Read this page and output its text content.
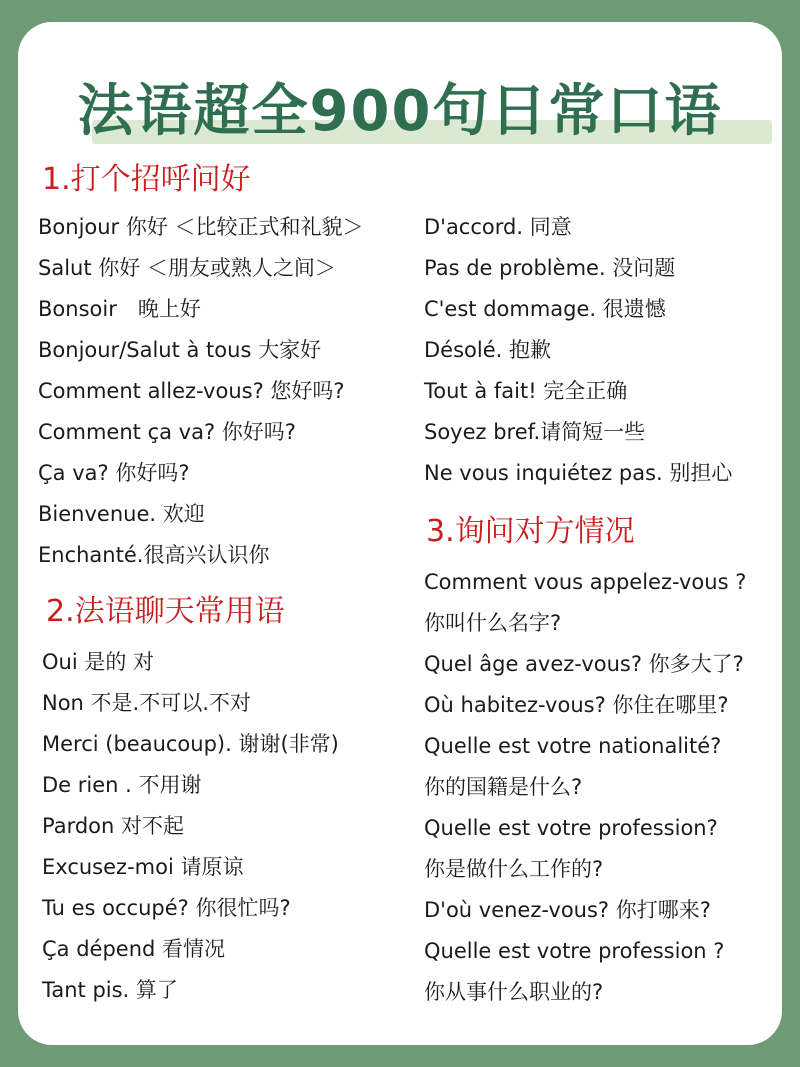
法语超全900句日常口语
1.打个招呼问好
Bonjour 你好 ＜比较正式和礼貌＞
Salut 你好 ＜朋友或熟人之间＞
Bonsoir　晚上好
Bonjour/Salut à tous 大家好
Comment allez-vous? 您好吗?
Comment ça va? 你好吗?
Ça va? 你好吗?
Bienvenue. 欢迎
Enchanté.很高兴认识你
2.法语聊天常用语
Oui 是的 对
Non 不是.不可以.不对
Merci (beaucoup). 谢谢(非常)
De rien . 不用谢
Pardon 对不起
Excusez-moi 请原谅
Tu es occupé? 你很忙吗?
Ça dépend 看情况
Tant pis. 算了
D'accord. 同意
Pas de problème. 没问题
C'est dommage. 很遗憾
Désolé. 抱歉
Tout à fait! 完全正确
Soyez bref.请简短一些
Ne vous inquiétez pas. 别担心
3.询问对方情况
Comment vous appelez-vous ?
你叫什么名字?
Quel âge avez-vous? 你多大了?
Où habitez-vous? 你住在哪里?
Quelle est votre nationalité?
你的国籍是什么?
Quelle est votre profession?
你是做什么工作的?
D'où venez-vous? 你打哪来?
Quelle est votre profession ?
你从事什么职业的?
